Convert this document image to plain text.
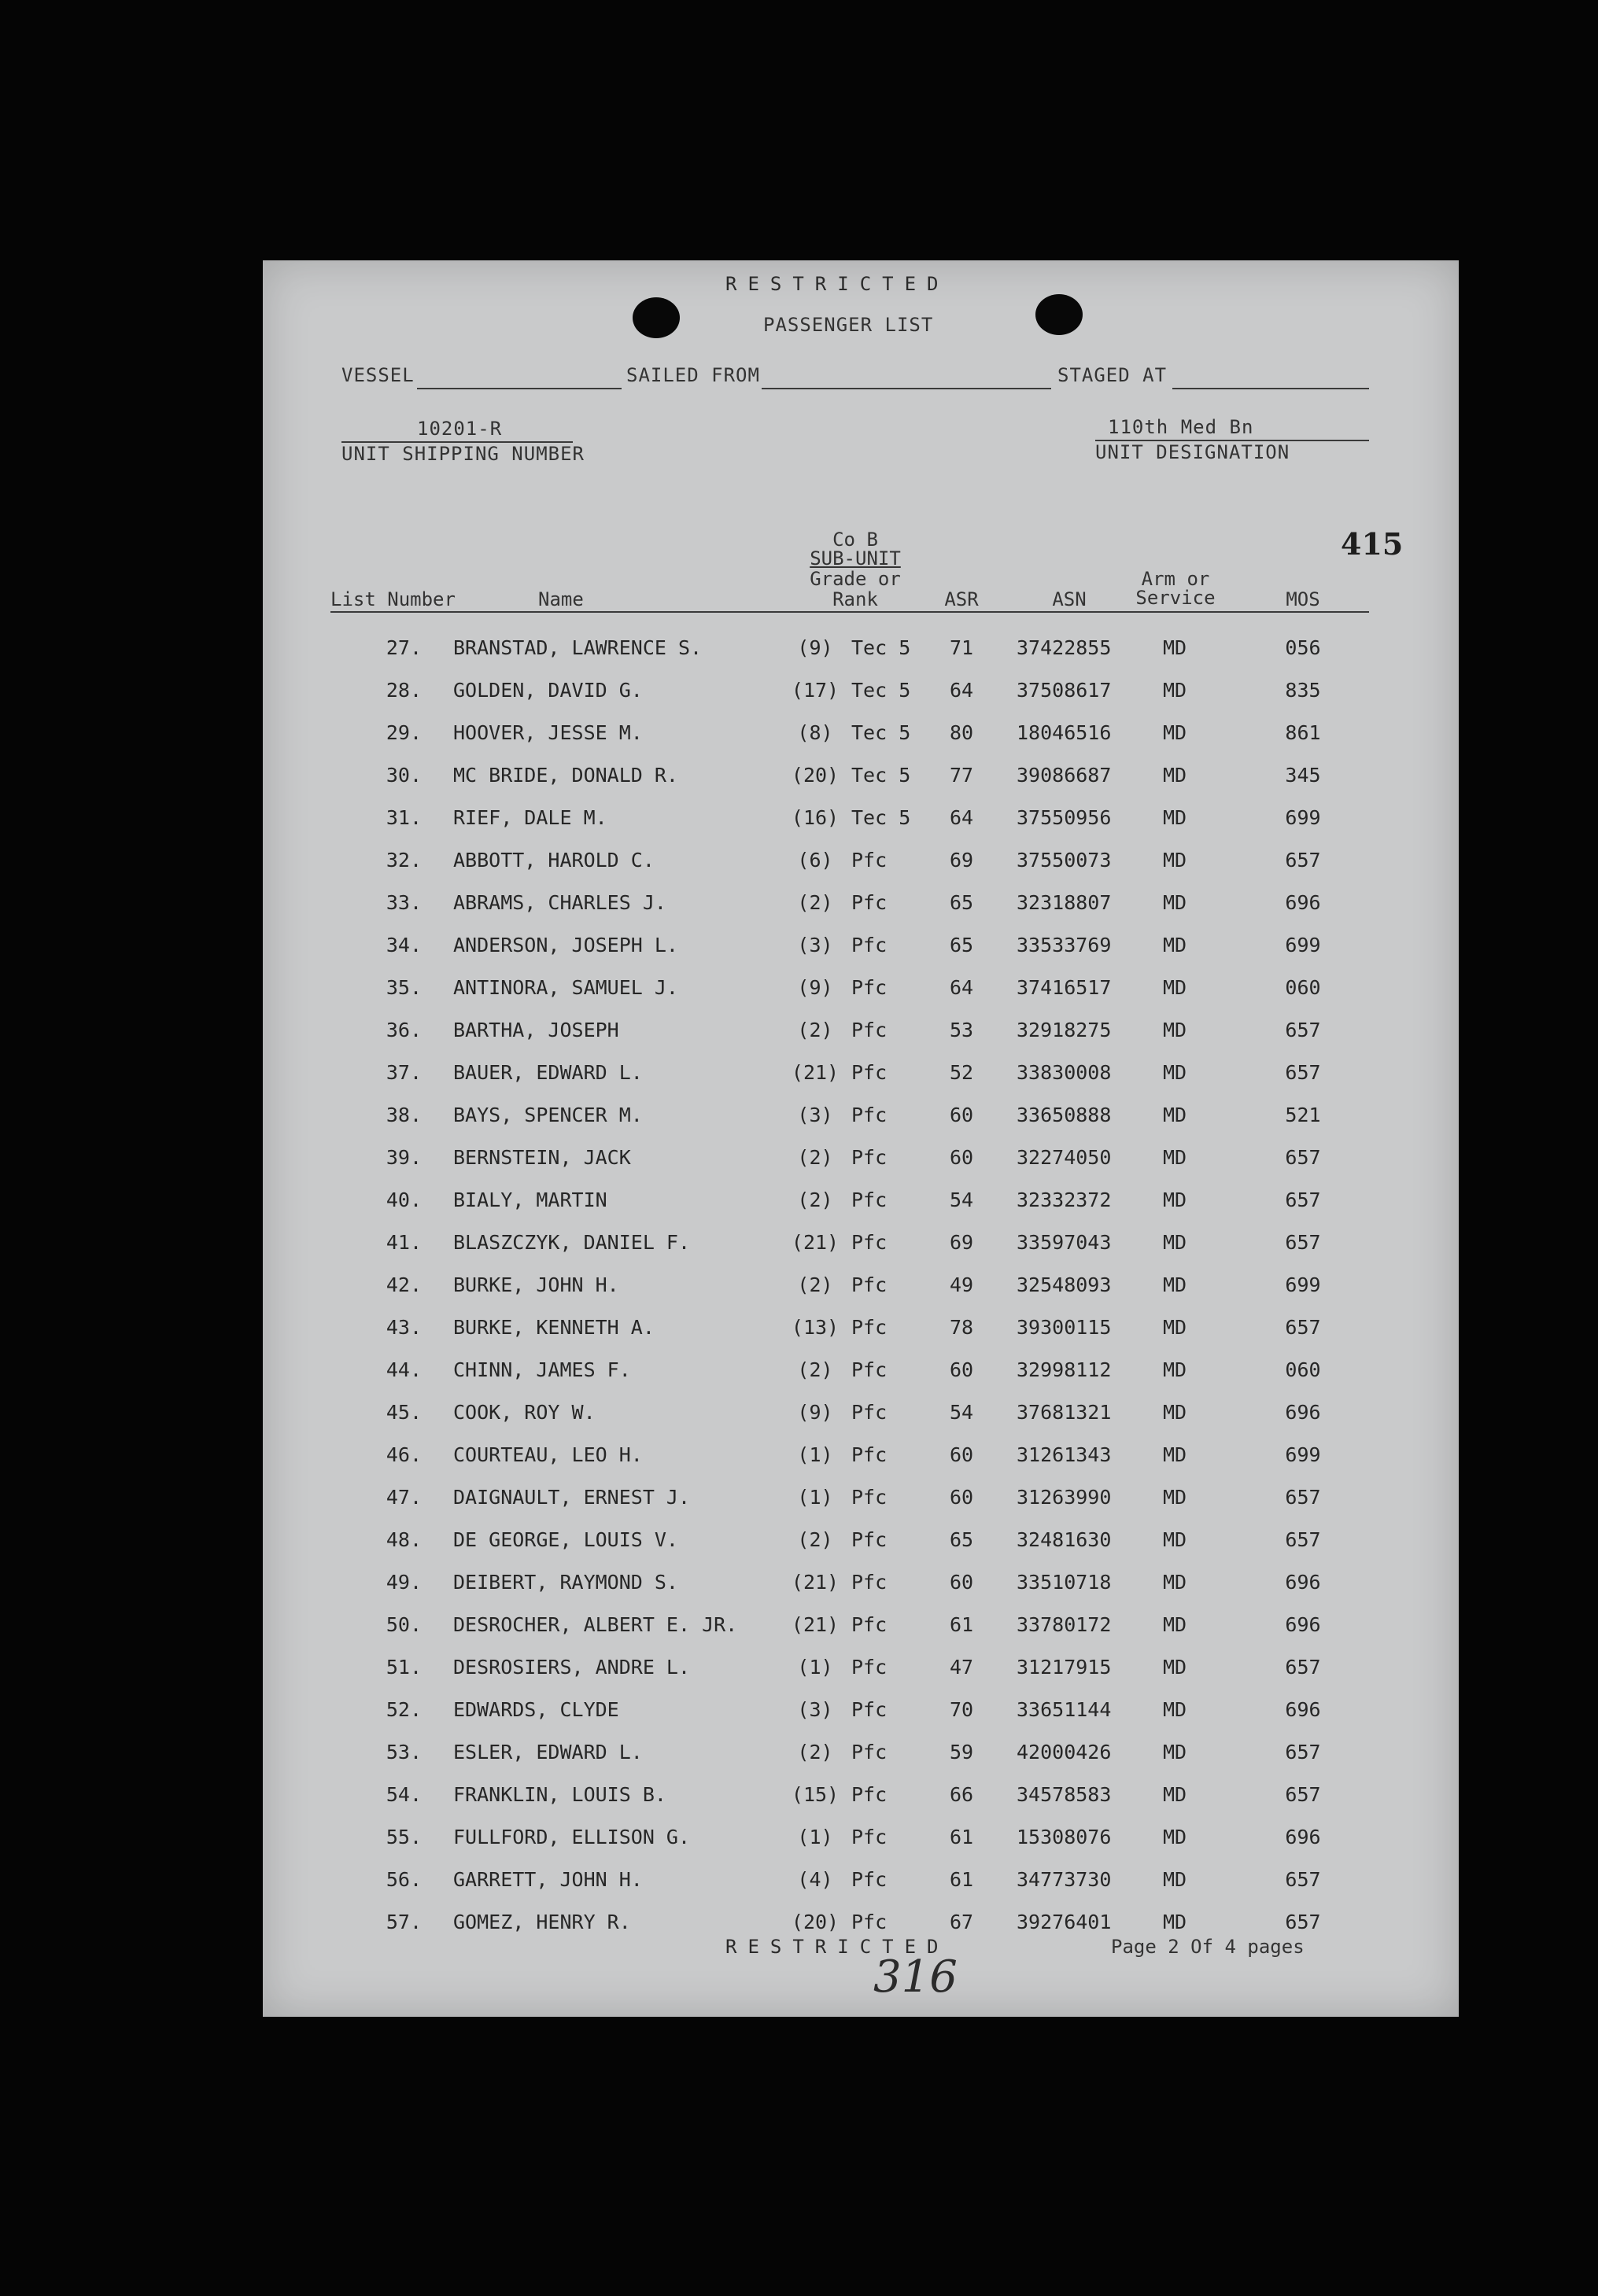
RESTRICTED
PASSENGER LIST
VESSEL	SAILED FROM	STAGED AT
10201-R
UNIT SHIPPING NUMBER
110th Med Bn
UNIT DESIGNATION
415
Co B
SUB-UNIT
Grade or
Rank
List Number	Name	ASR	ASN
Arm or
Service	MOS
27. BRANSTAD, LAWRENCE S.	(9) Tec 5	71	37422855	MD	056
28. GOLDEN, DAVID G.	(17) Tec 5	64	37508617	MD	835
29. HOOVER, JESSE M.	(8) Tec 5	80	18046516	MD	861
30. MC BRIDE, DONALD R.	(20) Tec 5	77	39086687	MD	345
31. RIEF, DALE M.	(16) Tec 5	64	37550956	MD	699
32. ABBOTT, HAROLD C.	(6) Pfc	69	37550073	MD	657
33. ABRAMS, CHARLES J.	(2) Pfc	65	32318807	MD	696
34. ANDERSON, JOSEPH L.	(3) Pfc	65	33533769	MD	699
35. ANTINORA, SAMUEL J.	(9) Pfc	64	37416517	MD	060
36. BARTHA, JOSEPH	(2) Pfc	53	32918275	MD	657
37. BAUER, EDWARD L.	(21) Pfc	52	33830008	MD	657
38. BAYS, SPENCER M.	(3) Pfc	60	33650888	MD	521
39. BERNSTEIN, JACK	(2) Pfc	60	32274050	MD	657
40. BIALY, MARTIN	(2) Pfc	54	32332372	MD	657
41. BLASZCZYK, DANIEL F.	(21) Pfc	69	33597043	MD	657
42. BURKE, JOHN H.	(2) Pfc	49	32548093	MD	699
43. BURKE, KENNETH A.	(13) Pfc	78	39300115	MD	657
44. CHINN, JAMES F.	(2) Pfc	60	32998112	MD	060
45. COOK, ROY W.	(9) Pfc	54	37681321	MD	696
46. COURTEAU, LEO H.	(1) Pfc	60	31261343	MD	699
47. DAIGNAULT, ERNEST J.	(1) Pfc	60	31263990	MD	657
48. DE GEORGE, LOUIS V.	(2) Pfc	65	32481630	MD	657
49. DEIBERT, RAYMOND S.	(21) Pfc	60	33510718	MD	696
50. DESROCHER, ALBERT E. JR.	(21) Pfc	61	33780172	MD	696
51. DESROSIERS, ANDRE L.	(1) Pfc	47	31217915	MD	657
52. EDWARDS, CLYDE	(3) Pfc	70	33651144	MD	696
53. ESLER, EDWARD L.	(2) Pfc	59	42000426	MD	657
54. FRANKLIN, LOUIS B.	(15) Pfc	66	34578583	MD	657
55. FULLFORD, ELLISON G.	(1) Pfc	61	15308076	MD	696
56. GARRETT, JOHN H.	(4) Pfc	61	34773730	MD	657
57. GOMEZ, HENRY R.	(20) Pfc	67	39276401	MD	657
RESTRICTED	Page 2 Of 4 pages
316
